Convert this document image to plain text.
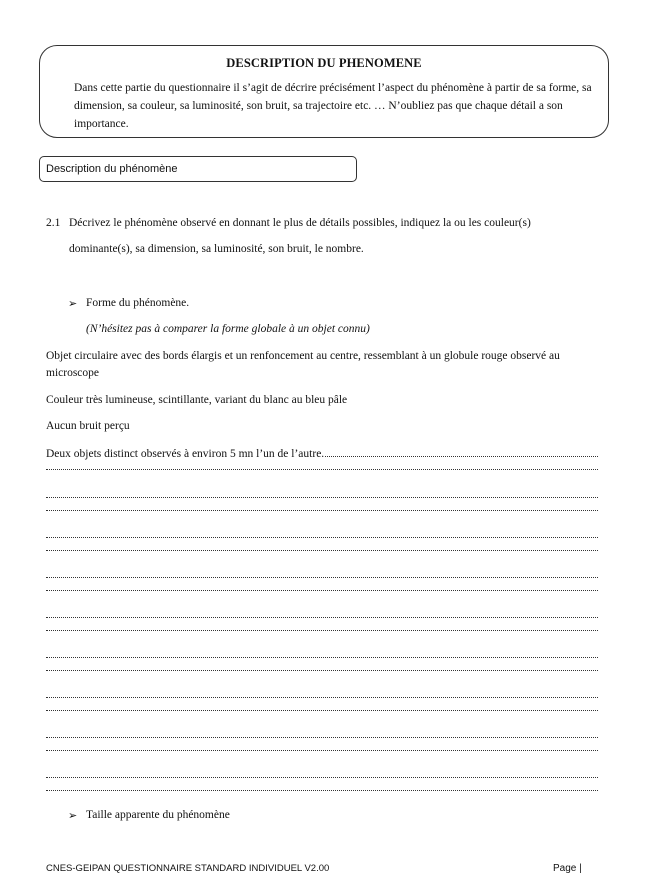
DESCRIPTION DU PHENOMENE
Dans cette partie du questionnaire il s’agit de décrire précisément l’aspect du phénomène à partir de sa forme, sa dimension, sa couleur, sa luminosité, son bruit, sa trajectoire etc. … N’oubliez pas que chaque détail a son importance.
Description du phénomène
2.1 Décrivez le phénomène observé en donnant le plus de détails possibles, indiquez la ou les couleur(s)
dominante(s), sa dimension, sa luminosité, son bruit, le nombre.
➢ Forme du phénomène.
(N’hésitez pas à comparer la forme globale à un objet connu)
Objet circulaire avec des bords élargis et un renfoncement au centre, ressemblant à un globule rouge observé au
microscope
Couleur très lumineuse, scintillante, variant du blanc au bleu pâle
Aucun bruit perçu
Deux objets distinct observés à environ 5 mn l’un de l’autre.
➢ Taille apparente du phénomène
CNES-GEIPAN QUESTIONNAIRE STANDARD INDIVIDUEL V2.00	Page |
